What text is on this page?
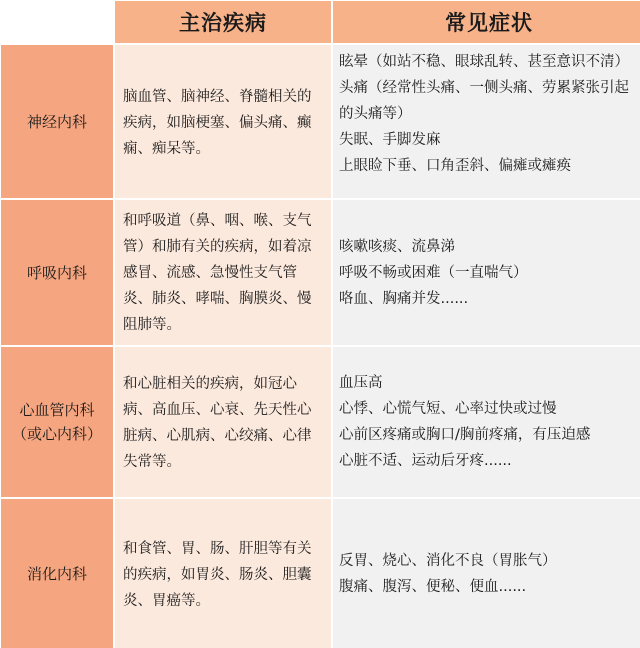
主治疾病	常见症状
神经内科
脑血管、脑神经、脊髓相关的疾病，如脑梗塞、偏头痛、癫痫、痴呆等。
眩晕（如站不稳、眼球乱转、甚至意识不清）
头痛（经常性头痛、一侧头痛、劳累紧张引起的头痛等）
失眠、手脚发麻
上眼睑下垂、口角歪斜、偏瘫或瘫痪
呼吸内科
和呼吸道（鼻、咽、喉、支气管）和肺有关的疾病，如着凉感冒、流感、急慢性支气管炎、肺炎、哮喘、胸膜炎、慢阻肺等。
咳嗽咳痰、流鼻涕
呼吸不畅或困难（一直喘气）
咯血、胸痛并发......
心血管内科
（或心内科）
和心脏相关的疾病，如冠心病、高血压、心衰、先天性心脏病、心肌病、心绞痛、心律失常等。
血压高
心悸、心慌气短、心率过快或过慢
心前区疼痛或胸口/胸前疼痛，有压迫感
心脏不适、运动后牙疼......
消化内科
和食管、胃、肠、肝胆等有关的疾病，如胃炎、肠炎、胆囊炎、胃癌等。
反胃、烧心、消化不良（胃胀气）
腹痛、腹泻、便秘、便血......
